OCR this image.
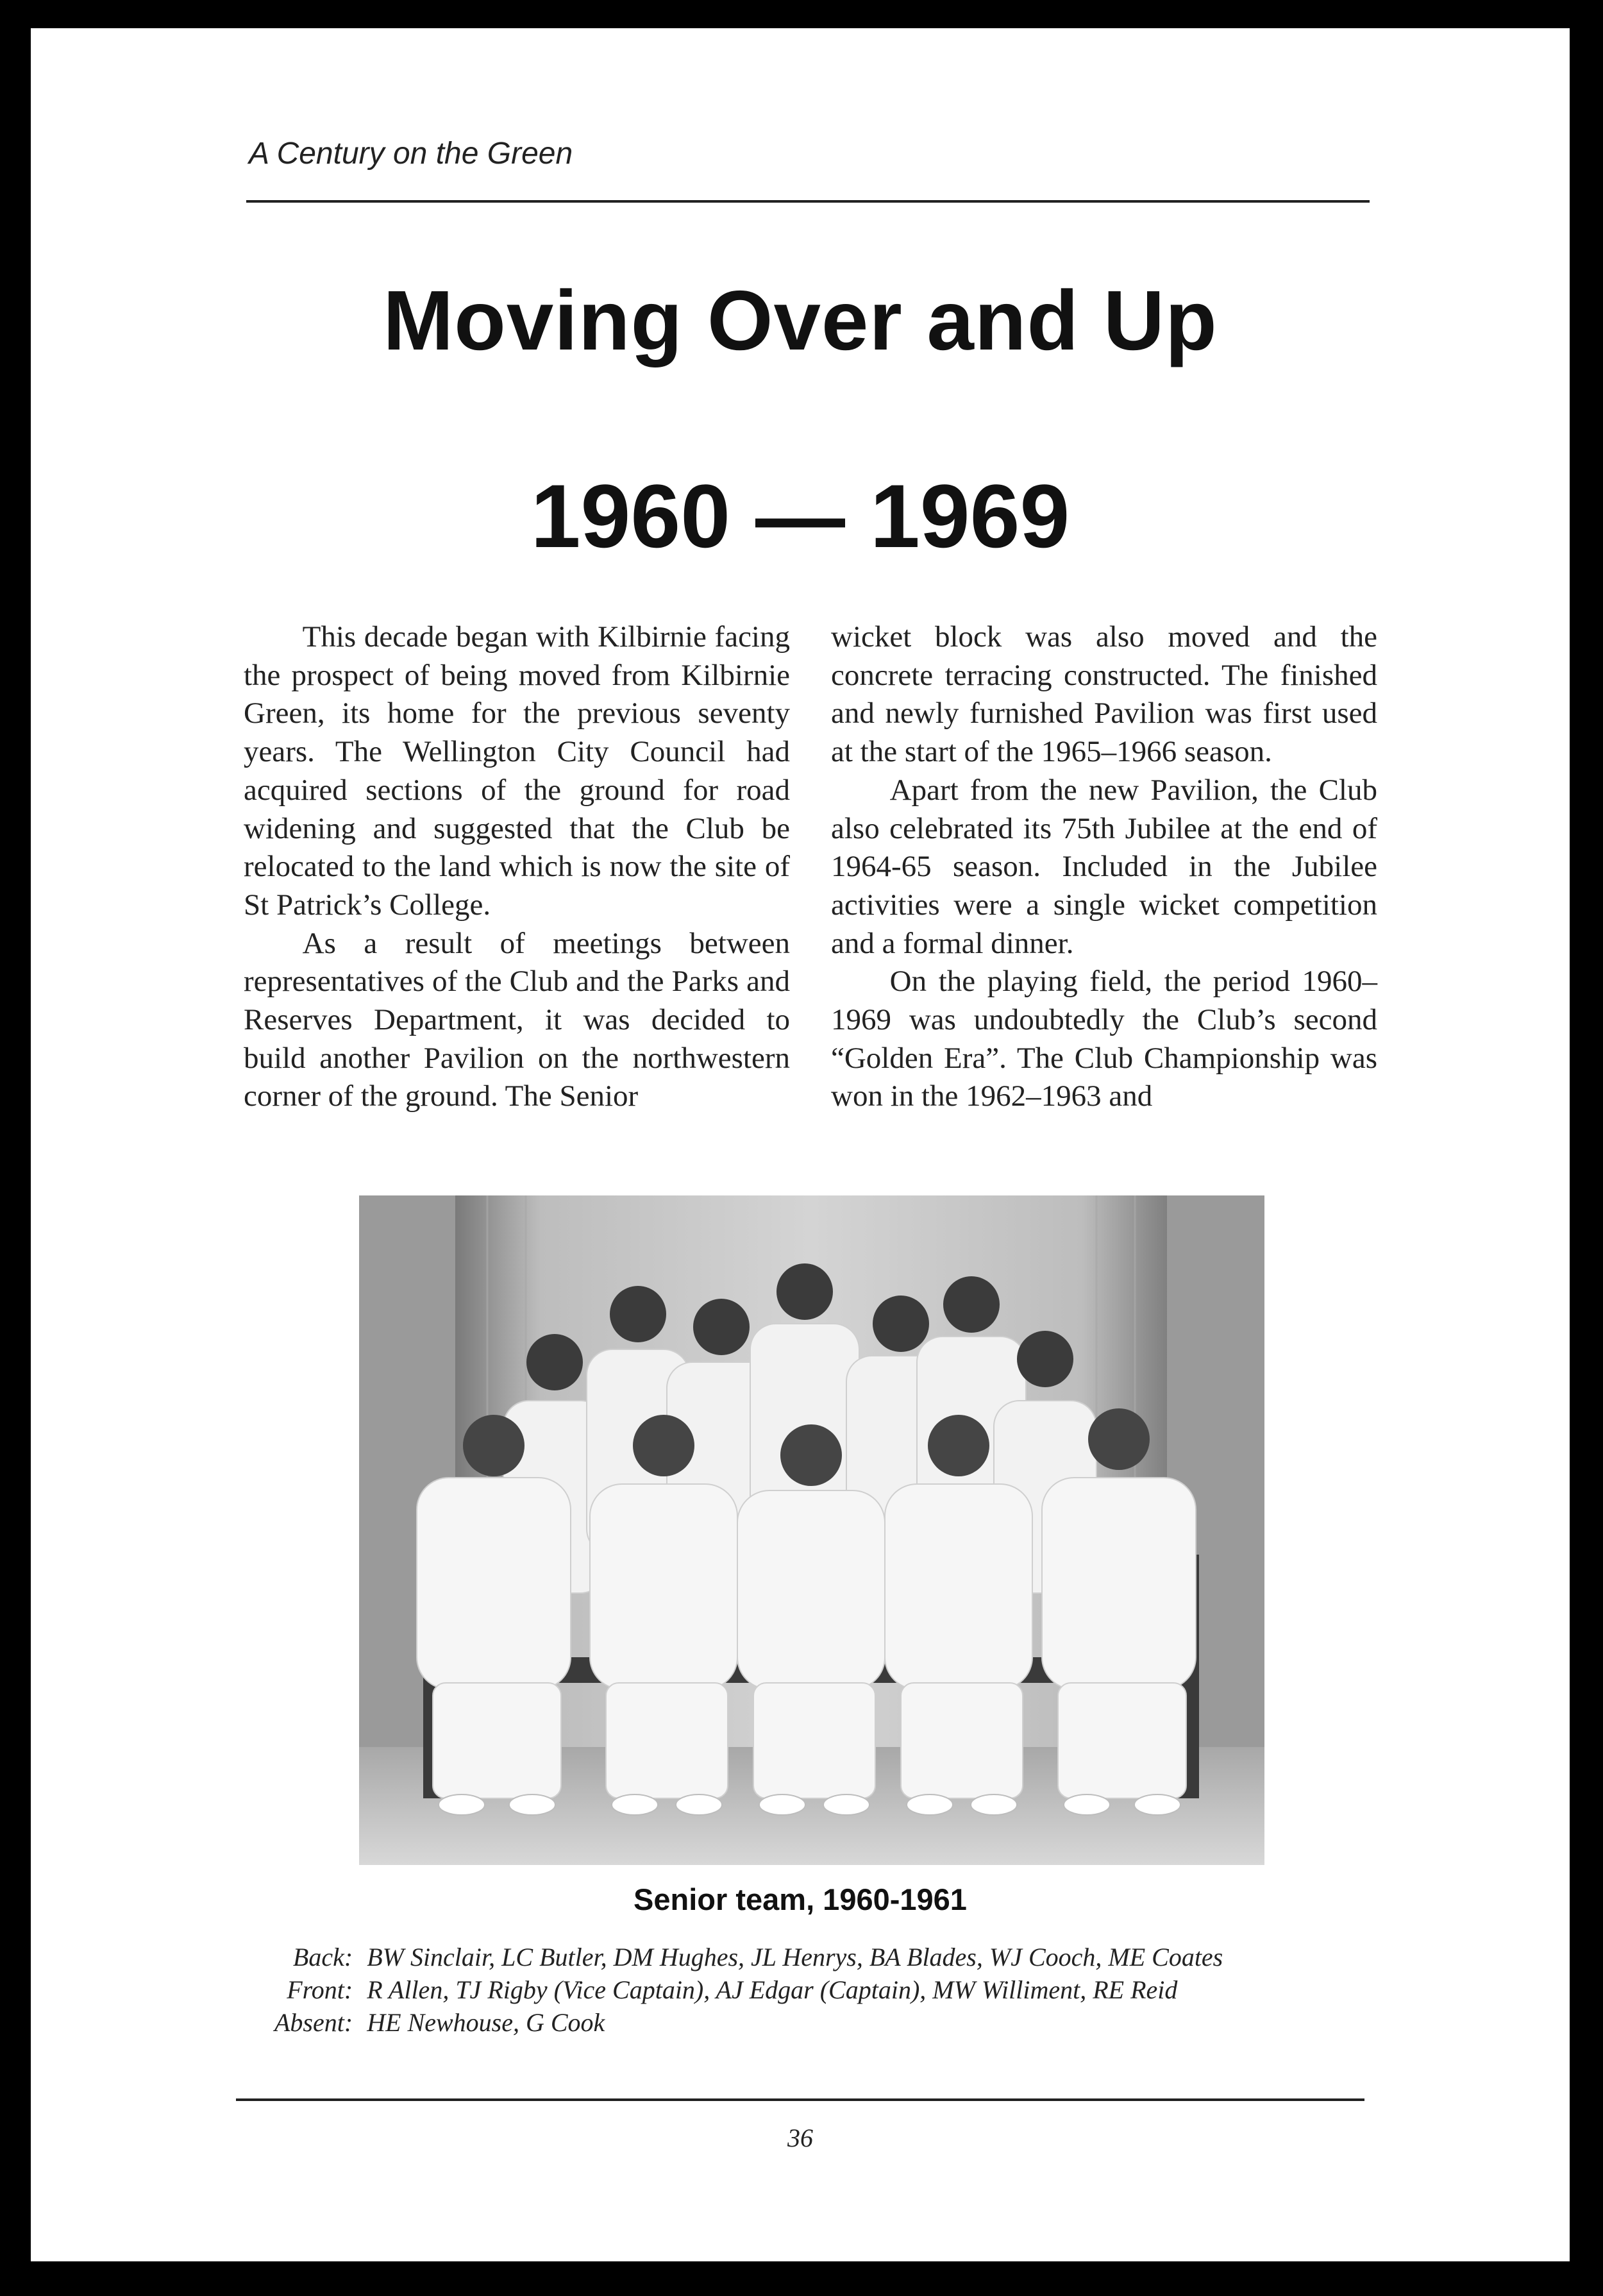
A Century on the Green
Moving Over and Up
1960 — 1969

This decade began with Kilbirnie facing the prospect of being moved from Kilbirnie Green, its home for the previous seventy years. The Wellington City Council had acquired sections of the ground for road widening and suggested that the Club be relocated to the land which is now the site of St Patrick’s College.

As a result of meetings between representatives of the Club and the Parks and Reserves Department, it was decided to build another Pavilion on the northwestern corner of the ground. The Senior

wicket block was also moved and the concrete terracing constructed. The finished and newly furnished Pavilion was first used at the start of the 1965–1966 season.

Apart from the new Pavilion, the Club also celebrated its 75th Jubilee at the end of 1964-65 season. Included in the Jubilee activities were a single wicket competition and a formal dinner.

On the playing field, the period 1960–1969 was undoubtedly the Club’s second “Golden Era”. The Club Championship was won in the 1962–1963 and

Senior team, 1960-1961
Back:	BW Sinclair, LC Butler, DM Hughes, JL Henrys, BA Blades, WJ Cooch, ME Coates
Front:	R Allen, TJ Rigby (Vice Captain), AJ Edgar (Captain), MW Williment, RE Reid
Absent:	HE Newhouse, G Cook
36
